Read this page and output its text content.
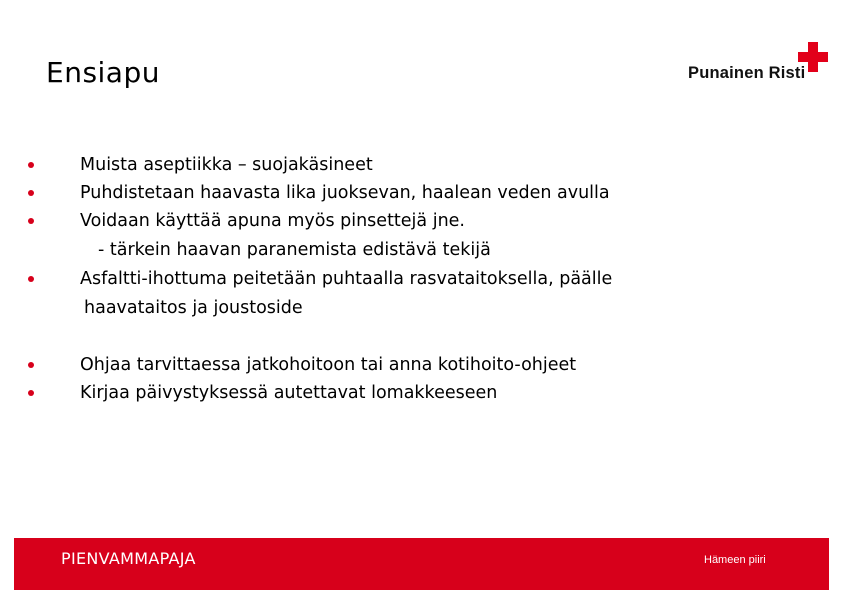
Ensiapu	Punainen Risti
Muista aseptiikka – suojakäsineet
Puhdistetaan haavasta lika juoksevan, haalean veden avulla
Voidaan käyttää apuna myös pinsettejä jne.
- tärkein haavan paranemista edistävä tekijä
Asfaltti-ihottuma peitetään puhtaalla rasvataitoksella, päälle
haavataitos ja joustoside
Ohjaa tarvittaessa jatkohoitoon tai anna kotihoito-ohjeet
Kirjaa päivystyksessä autettavat lomakkeeseen
PIENVAMMAPAJA	Hämeen piiri
